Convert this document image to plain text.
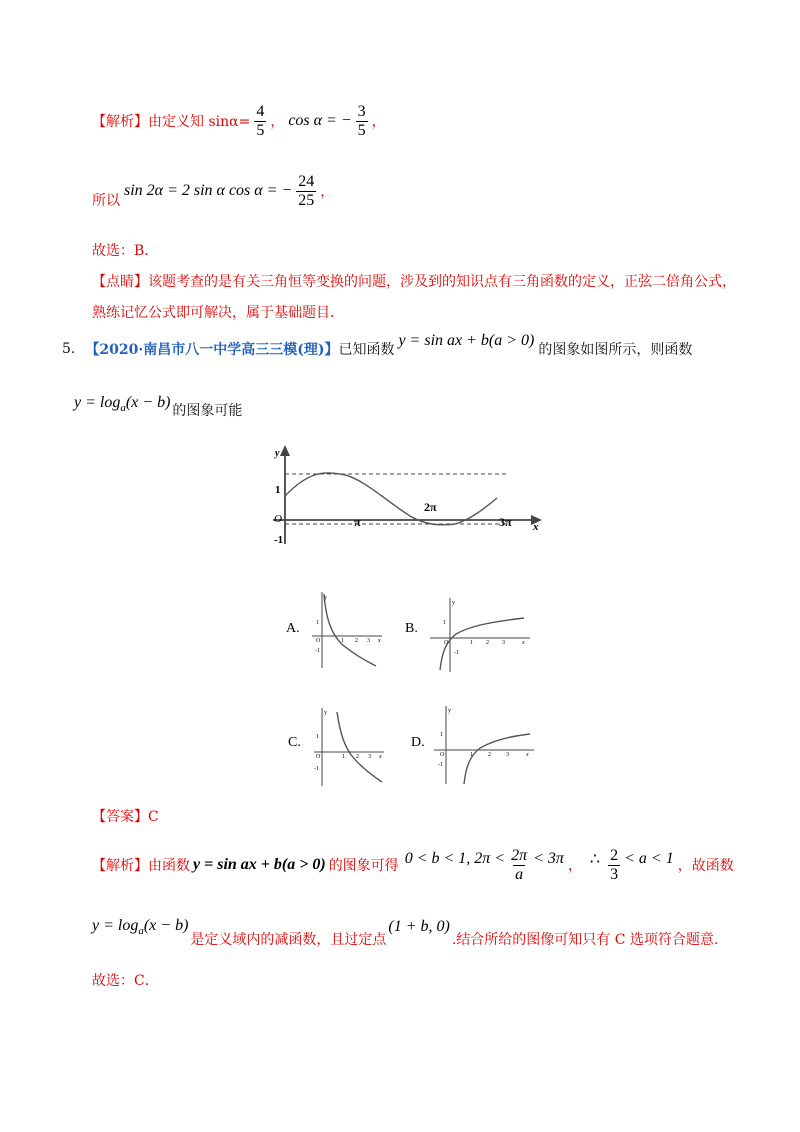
【解析】由定义知 $\sin\alpha= \frac{4}{5}$ ， cos α = − $\frac{3}{5}$ ，
所以
sin 2α = 2 sin α cos α = − $\frac{24}{25}$ ，
故选：B．
【点睛】该题考查的是有关三角恒等变换的问题，涉及到的知识点有三角函数的定义，正弦二倍角公式，
熟练记忆公式即可解决，属于基础题目．
5. 【2020·南昌市八一中学高三三模(理)】 已知函数
y = sin ax + b(a > 0)
的图象如图所示，则函数
$y = \log_a(x - b)$
的图象可能
y
1
O
-1
π
2π
3π x
A.
y
1
O
-1
1 2 3 x
B.
y
1
O
-1
1 2 3	x
C.
y
1
O
-1
1 2 3 x
D.
y
1
O
-1
1	2	3	x
【答案】C
【解析】由函数 y = sin ax + b(a > 0) 的图象可得 0 < b < 1, $2\pi < \frac{2\pi}{a} < 3\pi$ ， ∴ $\frac{2}{3} < a < 1$ ，故函数
$y = \log_a(x - b)$
是定义域内的减函数，且过定点
(1 + b, 0)
.结合所给的图像可知只有 C 选项符合题意.
故选：C．
